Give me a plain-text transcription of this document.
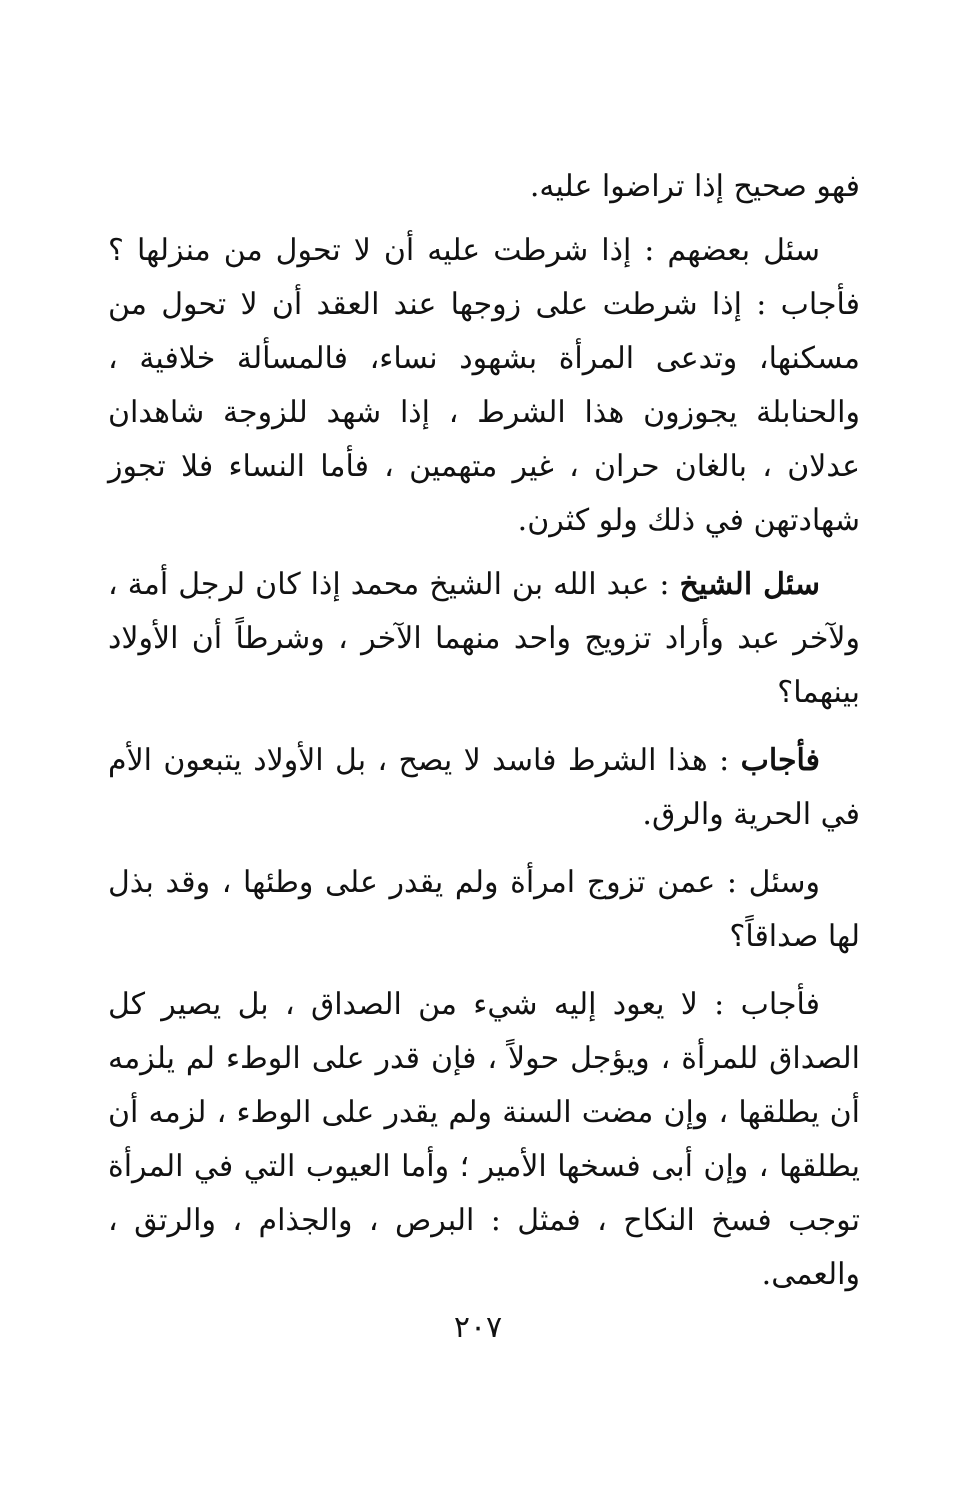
فهو صحيح إذا تراضوا عليه.

سئل بعضهم : إذا شرطت عليه أن لا تحول من منزلها ؟ فأجاب : إذا شرطت على زوجها عند العقد أن لا تحول من مسكنها، وتدعى المرأة بشهود نساء، فالمسألة خلافية ، والحنابلة يجوزون هذا الشرط ، إذا شهد للزوجة شاهدان عدلان ، بالغان حران ، غير متهمين ، فأما النساء فلا تجوز شهادتهن في ذلك ولو كثرن.

سئل الشيخ : عبد الله بن الشيخ محمد إذا كان لرجل أمة ، ولآخر عبد وأراد تزويج واحد منهما الآخر ، وشرطاً أن الأولاد بينهما؟

فأجاب : هذا الشرط فاسد لا يصح ، بل الأولاد يتبعون الأم في الحرية والرق.

وسئل : عمن تزوج امرأة ولم يقدر على وطئها ، وقد بذل لها صداقاً؟

فأجاب : لا يعود إليه شيء من الصداق ، بل يصير كل الصداق للمرأة ، ويؤجل حولاً ، فإن قدر على الوطء لم يلزمه أن يطلقها ، وإن مضت السنة ولم يقدر على الوطء ، لزمه أن يطلقها ، وإن أبى فسخها الأمير ؛ وأما العيوب التي في المرأة توجب فسخ النكاح ، فمثل : البرص ، والجذام ، والرتق ، والعمى.

٢٠٧
